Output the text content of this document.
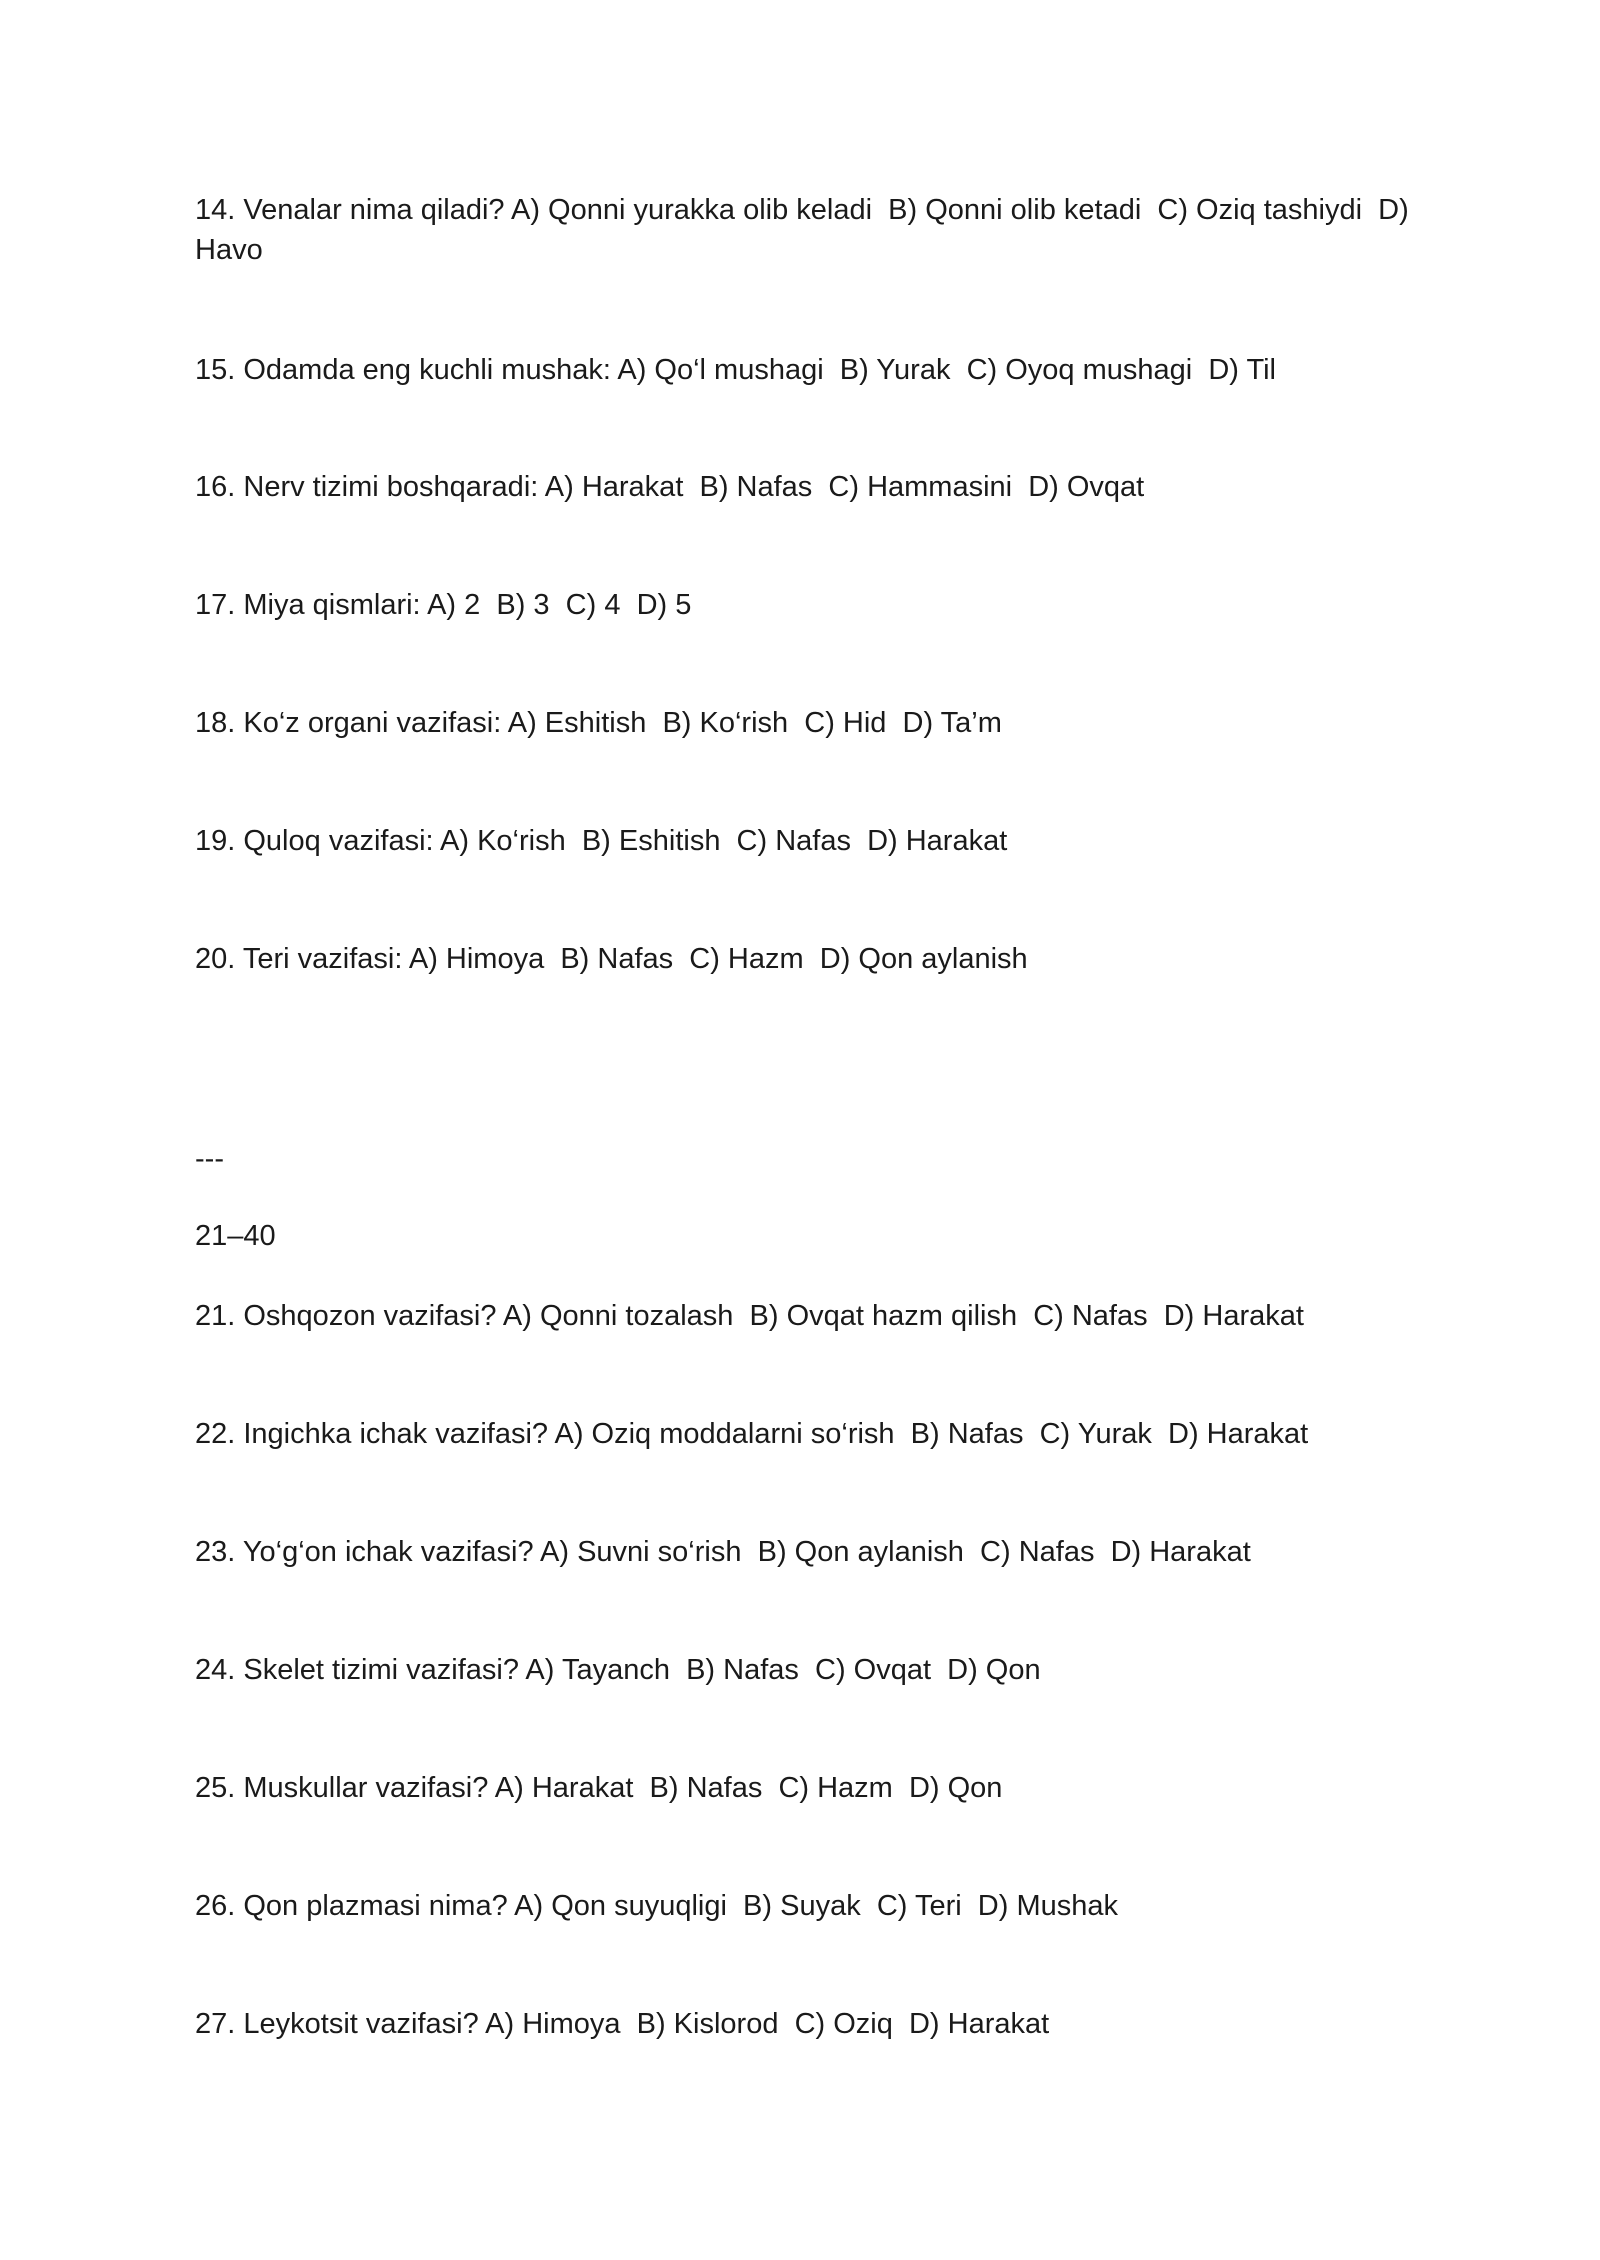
14. Venalar nima qiladi? A) Qonni yurakka olib keladi  B) Qonni olib ketadi  C) Oziq tashiydi  D) Havo

15. Odamda eng kuchli mushak: A) Qo‘l mushagi  B) Yurak  C) Oyoq mushagi  D) Til

16. Nerv tizimi boshqaradi: A) Harakat  B) Nafas  C) Hammasini  D) Ovqat

17. Miya qismlari: A) 2  B) 3  C) 4  D) 5

18. Ko‘z organi vazifasi: A) Eshitish  B) Ko‘rish  C) Hid  D) Ta’m

19. Quloq vazifasi: A) Ko‘rish  B) Eshitish  C) Nafas  D) Harakat

20. Teri vazifasi: A) Himoya  B) Nafas  C) Hazm  D) Qon aylanish

---

21–40

21. Oshqozon vazifasi? A) Qonni tozalash  B) Ovqat hazm qilish  C) Nafas  D) Harakat

22. Ingichka ichak vazifasi? A) Oziq moddalarni so‘rish  B) Nafas  C) Yurak  D) Harakat

23. Yo‘g‘on ichak vazifasi? A) Suvni so‘rish  B) Qon aylanish  C) Nafas  D) Harakat

24. Skelet tizimi vazifasi? A) Tayanch  B) Nafas  C) Ovqat  D) Qon

25. Muskullar vazifasi? A) Harakat  B) Nafas  C) Hazm  D) Qon

26. Qon plazmasi nima? A) Qon suyuqligi  B) Suyak  C) Teri  D) Mushak

27. Leykotsit vazifasi? A) Himoya  B) Kislorod  C) Oziq  D) Harakat
